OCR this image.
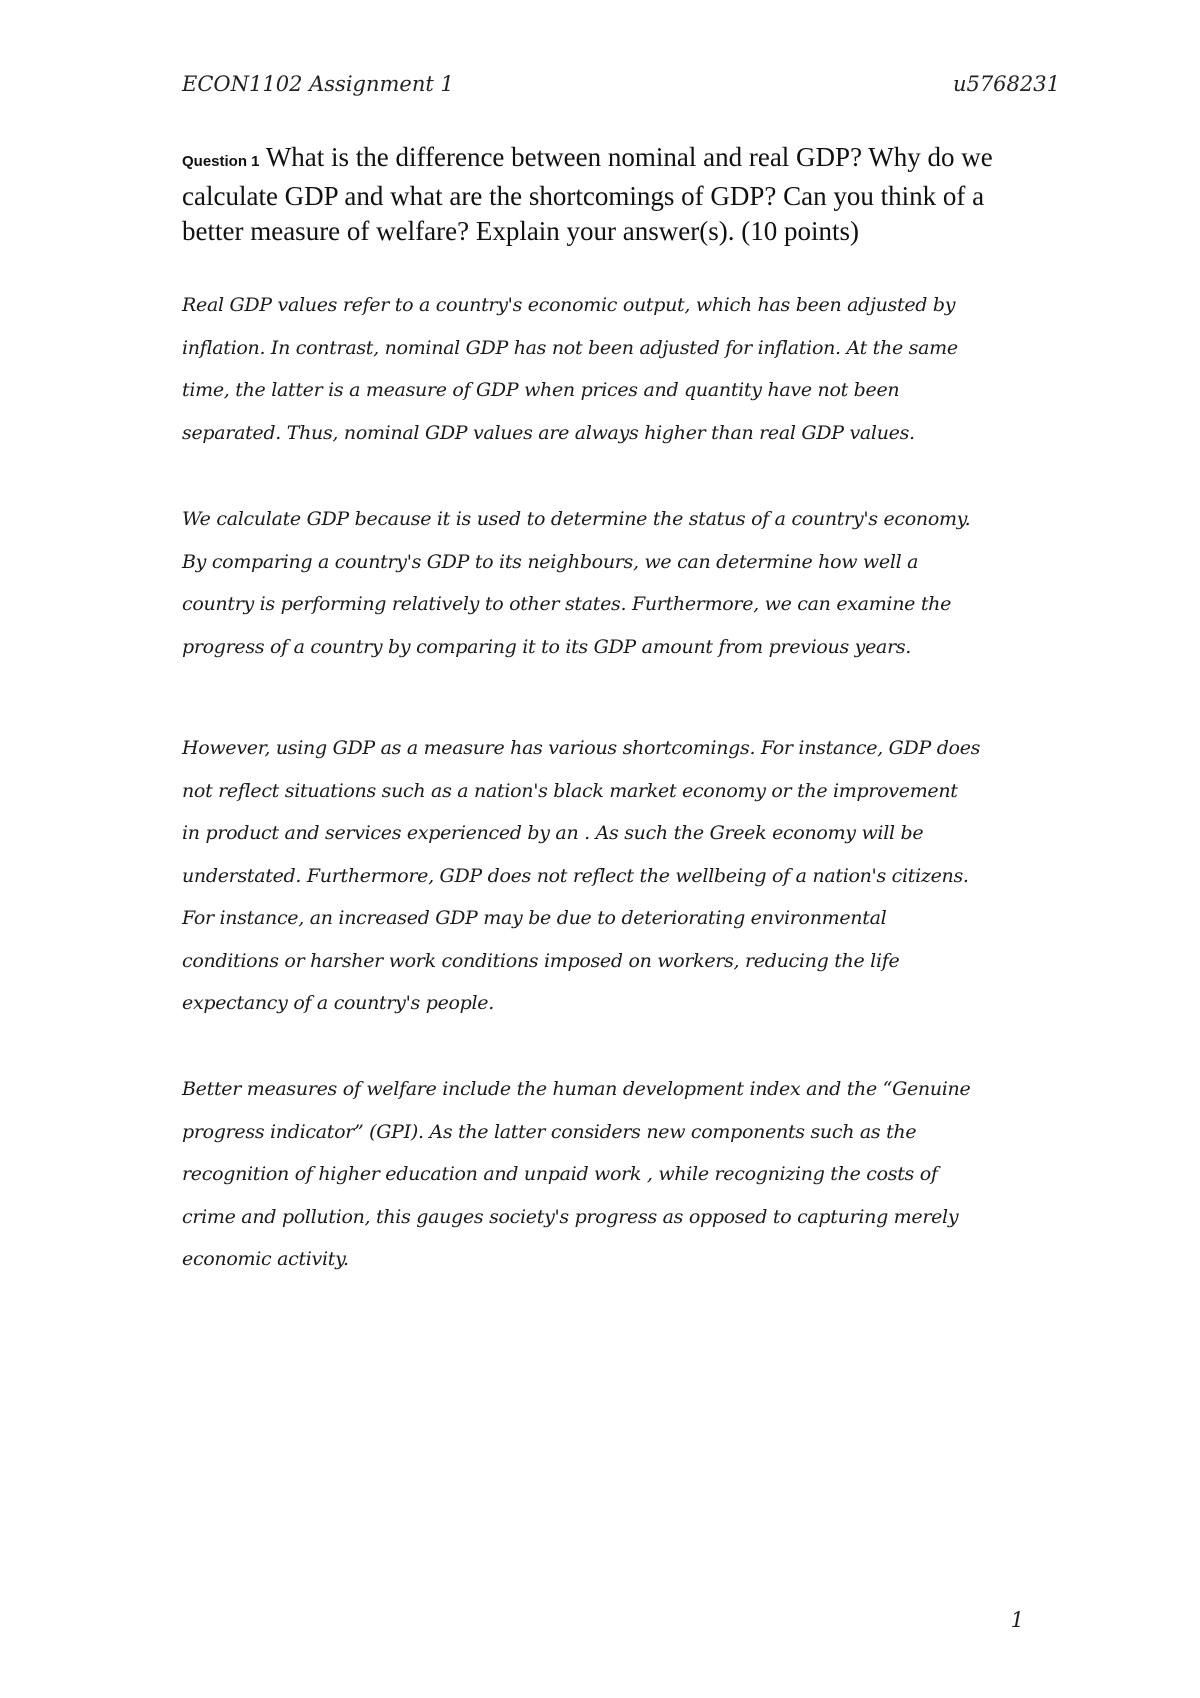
ECON1102 Assignment 1	u5768231
Question 1 What is the difference between nominal and real GDP? Why do we calculate GDP and what are the shortcomings of GDP? Can you think of a better measure of welfare? Explain your answer(s). (10 points)

Real GDP values refer to a country's economic output, which has been adjusted by
inflation. In contrast, nominal GDP has not been adjusted for inflation. At the same
time, the latter is a measure of GDP when prices and quantity have not been
separated. Thus, nominal GDP values are always higher than real GDP values.

We calculate GDP because it is used to determine the status of a country's economy.
By comparing a country's GDP to its neighbours, we can determine how well a
country is performing relatively to other states. Furthermore, we can examine the
progress of a country by comparing it to its GDP amount from previous years.

However, using GDP as a measure has various shortcomings. For instance, GDP does
not reflect situations such as a nation's black market economy or the improvement
in product and services experienced by an . As such the Greek economy will be
understated. Furthermore, GDP does not reflect the wellbeing of a nation's citizens.
For instance, an increased GDP may be due to deteriorating environmental
conditions or harsher work conditions imposed on workers, reducing the life
expectancy of a country's people.

Better measures of welfare include the human development index and the “Genuine
progress indicator” (GPI). As the latter considers new components such as the
recognition of higher education and unpaid work , while recognizing the costs of
crime and pollution, this gauges society's progress as opposed to capturing merely
economic activity.

1
